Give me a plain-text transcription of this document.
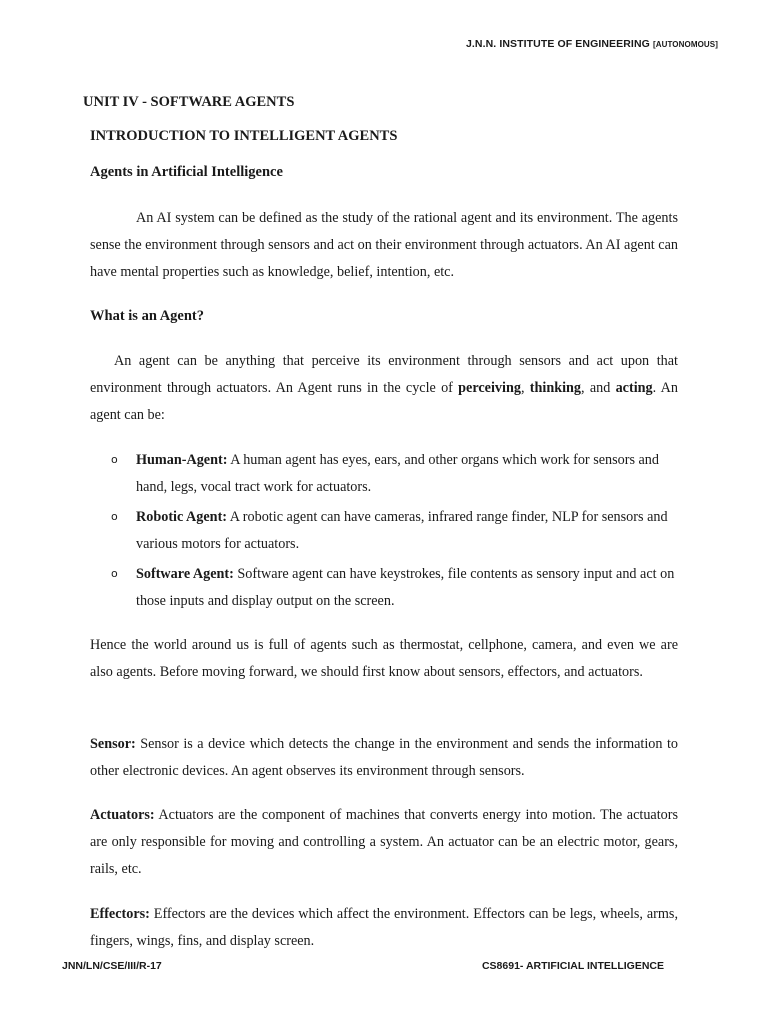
J.N.N. INSTITUTE OF ENGINEERING [AUTONOMOUS]
UNIT IV - SOFTWARE AGENTS
INTRODUCTION TO INTELLIGENT AGENTS
Agents in Artificial Intelligence

An AI system can be defined as the study of the rational agent and its environment. The agents sense the environment through sensors and act on their environment through actuators. An AI agent can have mental properties such as knowledge, belief, intention, etc.

What is an Agent?

An agent can be anything that perceive its environment through sensors and act upon that environment through actuators. An Agent runs in the cycle of perceiving, thinking, and acting. An agent can be:

o Human-Agent: A human agent has eyes, ears, and other organs which work for sensors and hand, legs, vocal tract work for actuators.
o Robotic Agent: A robotic agent can have cameras, infrared range finder, NLP for sensors and various motors for actuators.
o Software Agent: Software agent can have keystrokes, file contents as sensory input and act on those inputs and display output on the screen.

Hence the world around us is full of agents such as thermostat, cellphone, camera, and even we are also agents. Before moving forward, we should first know about sensors, effectors, and actuators.

Sensor: Sensor is a device which detects the change in the environment and sends the information to other electronic devices. An agent observes its environment through sensors.

Actuators: Actuators are the component of machines that converts energy into motion. The actuators are only responsible for moving and controlling a system. An actuator can be an electric motor, gears, rails, etc.

Effectors: Effectors are the devices which affect the environment. Effectors can be legs, wheels, arms, fingers, wings, fins, and display screen.

JNN/LN/CSE/III/R-17	CS8691- ARTIFICIAL INTELLIGENCE
